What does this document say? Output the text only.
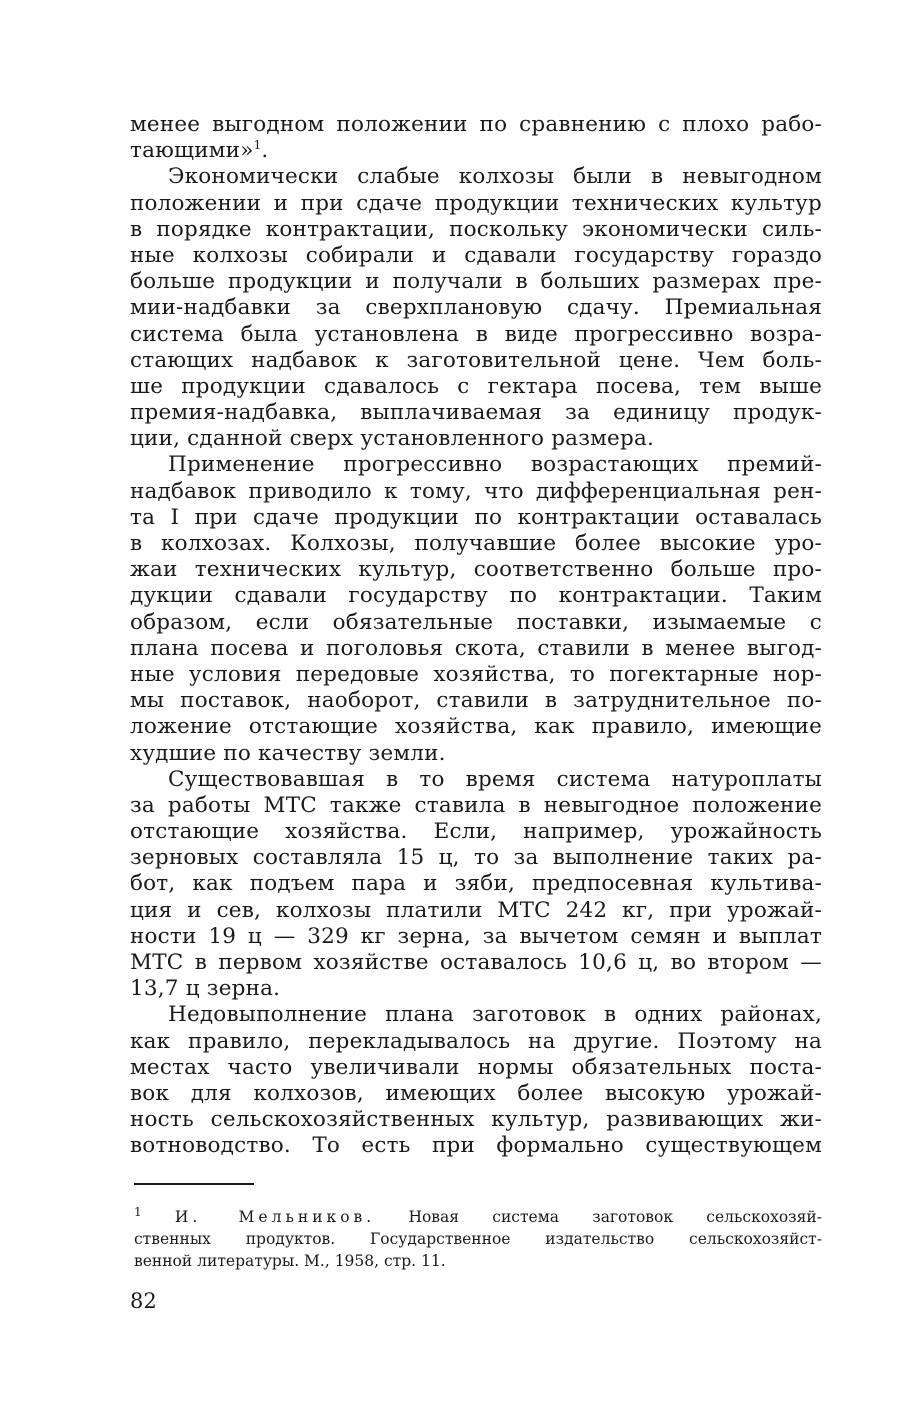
менее выгодном положении по сравнению с плохо рабо-
тающими»$^1$.
Экономически слабые колхозы были в невыгодном
положении и при сдаче продукции технических культур
в порядке контрактации, поскольку экономически силь-
ные колхозы собирали и сдавали государству гораздо
больше продукции и получали в больших размерах пре-
мии-надбавки за сверхплановую сдачу. Премиальная
система была установлена в виде прогрессивно возра-
стающих надбавок к заготовительной цене. Чем боль-
ше продукции сдавалось с гектара посева, тем выше
премия-надбавка, выплачиваемая за единицу продук-
ции, сданной сверх установленного размера.
Применение прогрессивно возрастающих премий-
надбавок приводило к тому, что дифференциальная рен-
та I при сдаче продукции по контрактации оставалась
в колхозах. Колхозы, получавшие более высокие уро-
жаи технических культур, соответственно больше про-
дукции сдавали государству по контрактации. Таким
образом, если обязательные поставки, изымаемые с
плана посева и поголовья скота, ставили в менее выгод-
ные условия передовые хозяйства, то погектарные нор-
мы поставок, наоборот, ставили в затруднительное по-
ложение отстающие хозяйства, как правило, имеющие
худшие по качеству земли.
Существовавшая в то время система натуроплаты
за работы МТС также ставила в невыгодное положение
отстающие хозяйства. Если, например, урожайность
зерновых составляла 15 ц, то за выполнение таких ра-
бот, как подъем пара и зяби, предпосевная культива-
ция и сев, колхозы платили МТС 242 кг, при урожай-
ности 19 ц — 329 кг зерна, за вычетом семян и выплат
МТС в первом хозяйстве оставалось 10,6 ц, во втором —
13,7 ц зерна.
Недовыполнение плана заготовок в одних районах,
как правило, перекладывалось на другие. Поэтому на
местах часто увеличивали нормы обязательных поста-
вок для колхозов, имеющих более высокую урожай-
ность сельскохозяйственных культур, развивающих жи-
вотноводство. То есть при формально существующем
$^1$ И. Мельников. Новая система заготовок сельскохозяй-
ственных продуктов. Государственное издательство сельскохозяйст-
венной литературы. М., 1958, стр. 11.
82
